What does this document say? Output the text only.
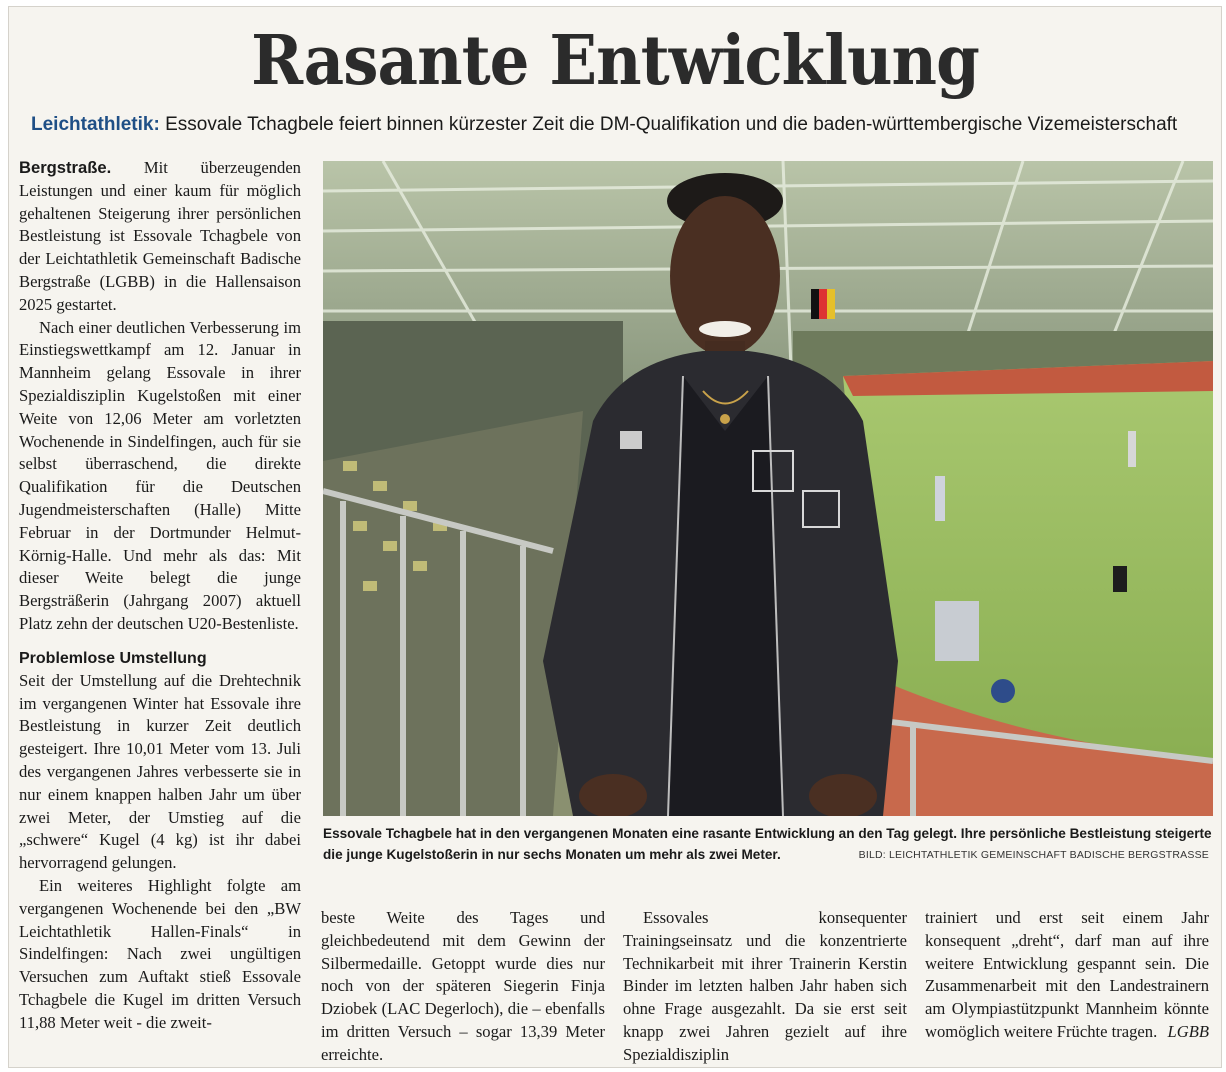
Rasante Entwicklung
Leichtathletik: Essovale Tchagbele feiert binnen kürzester Zeit die DM-Qualifikation und die baden-württembergische Vizemeisterschaft

Bergstraße. Mit überzeugenden Leistungen und einer kaum für möglich gehaltenen Steigerung ihrer persönlichen Bestleistung ist Essovale Tchagbele von der Leichtathletik Gemeinschaft Badische Bergstraße (LGBB) in die Hallensaison 2025 gestartet.

Nach einer deutlichen Verbesserung im Einstiegswettkampf am 12. Januar in Mannheim gelang Essovale in ihrer Spezialdisziplin Kugelstoßen mit einer Weite von 12,06 Meter am vorletzten Wochenende in Sindelfingen, auch für sie selbst überraschend, die direkte Qualifikation für die Deutschen Jugendmeisterschaften (Halle) Mitte Februar in der Dortmunder Helmut-Körnig-Halle. Und mehr als das: Mit dieser Weite belegt die junge Bergsträßerin (Jahrgang 2007) aktuell Platz zehn der deutschen U20-Bestenliste.

Problemlose Umstellung

Seit der Umstellung auf die Drehtechnik im vergangenen Winter hat Essovale ihre Bestleistung in kurzer Zeit deutlich gesteigert. Ihre 10,01 Meter vom 13. Juli des vergangenen Jahres verbesserte sie in nur einem knappen halben Jahr um über zwei Meter, der Umstieg auf die „schwere“ Kugel (4 kg) ist ihr dabei hervorragend gelungen.

Ein weiteres Highlight folgte am vergangenen Wochenende bei den „BW Leichtathletik Hallen-Finals“ in Sindelfingen: Nach zwei ungültigen Versuchen zum Auftakt stieß Essovale Tchagbele die Kugel im dritten Versuch 11,88 Meter weit - die zweit-

Essovale Tchagbele hat in den vergangenen Monaten eine rasante Entwicklung an den Tag gelegt. Ihre persönliche Bestleistung steigerte die junge Kugelstoßerin in nur sechs Monaten um mehr als zwei Meter.	BILD: LEICHTATHLETIK GEMEINSCHAFT BADISCHE BERGSTRASSE

beste Weite des Tages und gleichbedeutend mit dem Gewinn der Silbermedaille. Getoppt wurde dies nur noch von der späteren Siegerin Finja Dziobek (LAC Degerloch), die – ebenfalls im dritten Versuch – sogar 13,39 Meter erreichte.

Essovales konsequenter Trainingseinsatz und die konzentrierte Technikarbeit mit ihrer Trainerin Kerstin Binder im letzten halben Jahr haben sich ohne Frage ausgezahlt. Da sie erst seit knapp zwei Jahren gezielt auf ihre Spezialdisziplin

trainiert und erst seit einem Jahr konsequent „dreht“, darf man auf ihre weitere Entwicklung gespannt sein. Die Zusammenarbeit mit den Landestrainern am Olympiastützpunkt Mannheim könnte womöglich weitere Früchte tragen. LGBB
